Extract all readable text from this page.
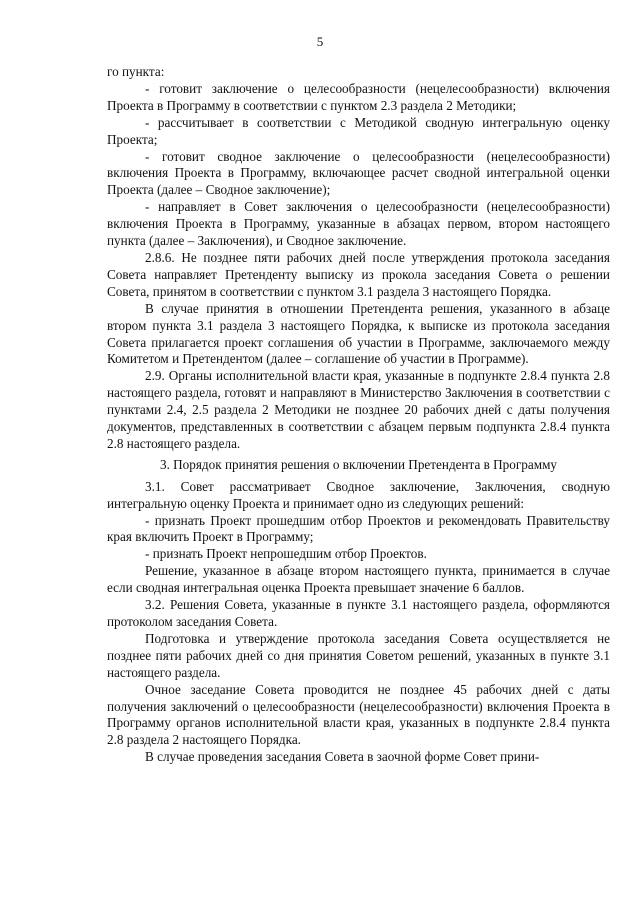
5

го пункта:

- готовит заключение о целесообразности (нецелесообразности) включения Проекта в Программу в соответствии с пунктом 2.3 раздела 2 Методики;

- рассчитывает в соответствии с Методикой сводную интегральную оценку Проекта;

- готовит сводное заключение о целесообразности (нецелесообразности) включения Проекта в Программу, включающее расчет сводной интегральной оценки Проекта (далее – Сводное заключение);

- направляет в Совет заключения о целесообразности (нецелесообразности) включения Проекта в Программу, указанные в абзацах первом, втором настоящего пункта (далее – Заключения), и Сводное заключение.

2.8.6. Не позднее пяти рабочих дней после утверждения протокола заседания Совета направляет Претенденту выписку из прокола заседания Совета о решении Совета, принятом в соответствии с пунктом 3.1 раздела 3 настоящего Порядка.

В случае принятия в отношении Претендента решения, указанного в абзаце втором пункта 3.1 раздела 3 настоящего Порядка, к выписке из протокола заседания Совета прилагается проект соглашения об участии в Программе, заключаемого между Комитетом и Претендентом (далее – соглашение об участии в Программе).

2.9. Органы исполнительной власти края, указанные в подпункте 2.8.4 пункта 2.8 настоящего раздела, готовят и направляют в Министерство Заключения в соответствии с пунктами 2.4, 2.5 раздела 2 Методики не позднее 20 рабочих дней с даты получения документов, представленных в соответствии с абзацем первым подпункта 2.8.4 пункта 2.8 настоящего раздела.

3. Порядок принятия решения о включении Претендента в Программу

3.1. Совет рассматривает Сводное заключение, Заключения, сводную интегральную оценку Проекта и принимает одно из следующих решений:

- признать Проект прошедшим отбор Проектов и рекомендовать Правительству края включить Проект в Программу;

- признать Проект непрошедшим отбор Проектов.

Решение, указанное в абзаце втором настоящего пункта, принимается в случае если сводная интегральная оценка Проекта превышает значение 6 баллов.

3.2. Решения Совета, указанные в пункте 3.1 настоящего раздела, оформляются протоколом заседания Совета.

Подготовка и утверждение протокола заседания Совета осуществляется не позднее пяти рабочих дней со дня принятия Советом решений, указанных в пункте 3.1 настоящего раздела.

Очное заседание Совета проводится не позднее 45 рабочих дней с даты получения заключений о целесообразности (нецелесообразности) включения Проекта в Программу органов исполнительной власти края, указанных в подпункте 2.8.4 пункта 2.8 раздела 2 настоящего Порядка.

В случае проведения заседания Совета в заочной форме Совет прини-
